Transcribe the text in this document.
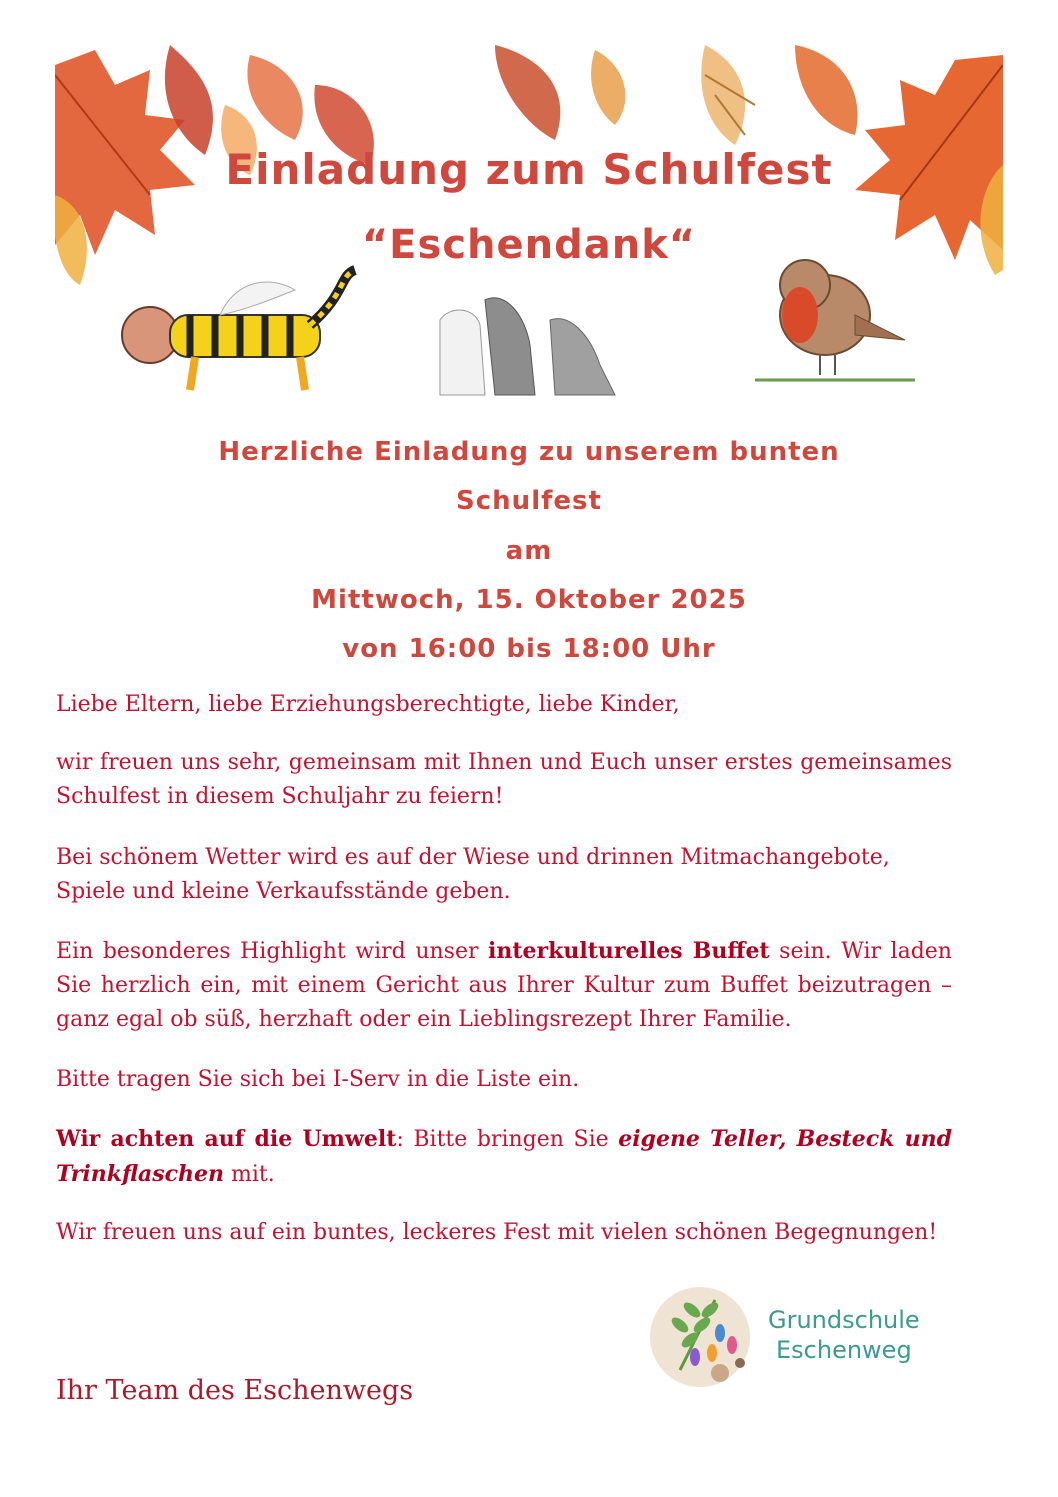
Einladung zum Schulfest
“Eschendank“
Herzliche Einladung zu unserem bunten
Schulfest
am
Mittwoch, 15. Oktober 2025
von 16:00 bis 18:00 Uhr
Liebe Eltern, liebe Erziehungsberechtigte, liebe Kinder,
wir freuen uns sehr, gemeinsam mit Ihnen und Euch unser erstes gemeinsames Schulfest in diesem Schuljahr zu feiern!
Bei schönem Wetter wird es auf der Wiese und drinnen Mitmachangebote, Spiele und kleine Verkaufsstände geben.
Ein besonderes Highlight wird unser interkulturelles Buffet sein. Wir laden Sie herzlich ein, mit einem Gericht aus Ihrer Kultur zum Buffet beizutragen – ganz egal ob süß, herzhaft oder ein Lieblingsrezept Ihrer Familie.
Bitte tragen Sie sich bei I-Serv in die Liste ein.
Wir achten auf die Umwelt: Bitte bringen Sie eigene Teller, Besteck und Trinkflaschen mit.
Wir freuen uns auf ein buntes, leckeres Fest mit vielen schönen Begegnungen!
Grundschule
Eschenweg
Ihr Team des Eschenwegs
